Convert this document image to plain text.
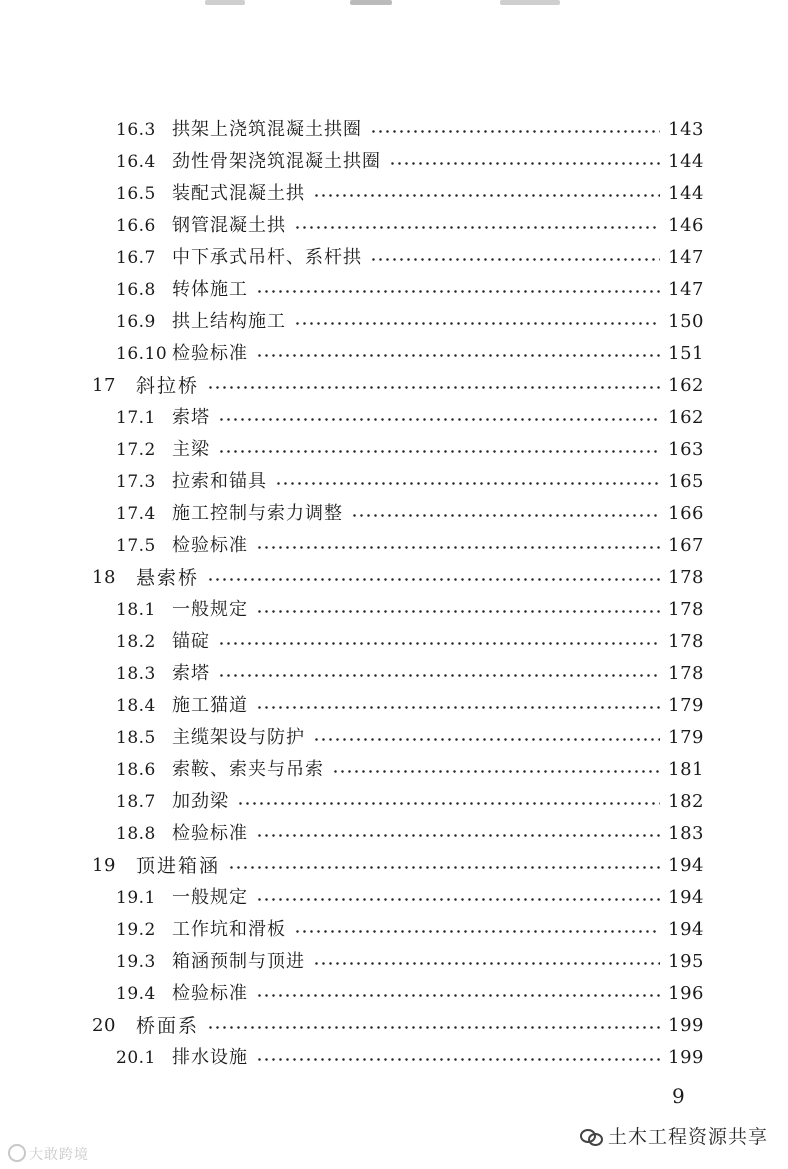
16.3 拱架上浇筑混凝土拱圈	143
16.4 劲性骨架浇筑混凝土拱圈	144
16.5 装配式混凝土拱	144
16.6 钢管混凝土拱	146
16.7 中下承式吊杆、系杆拱	147
16.8 转体施工	147
16.9 拱上结构施工	150
16.10 检验标准	151
17 斜拉桥	162
17.1 索塔	162
17.2 主梁	163
17.3 拉索和锚具	165
17.4 施工控制与索力调整	166
17.5 检验标准	167
18 悬索桥	178
18.1 一般规定	178
18.2 锚碇	178
18.3 索塔	178
18.4 施工猫道	179
18.5 主缆架设与防护	179
18.6 索鞍、索夹与吊索	181
18.7 加劲梁	182
18.8 检验标准	183
19 顶进箱涵	194
19.1 一般规定	194
19.2 工作坑和滑板	194
19.3 箱涵预制与顶进	195
19.4 检验标准	196
20 桥面系	199
20.1 排水设施	199
9
大敢跨境
土木工程资源共享
